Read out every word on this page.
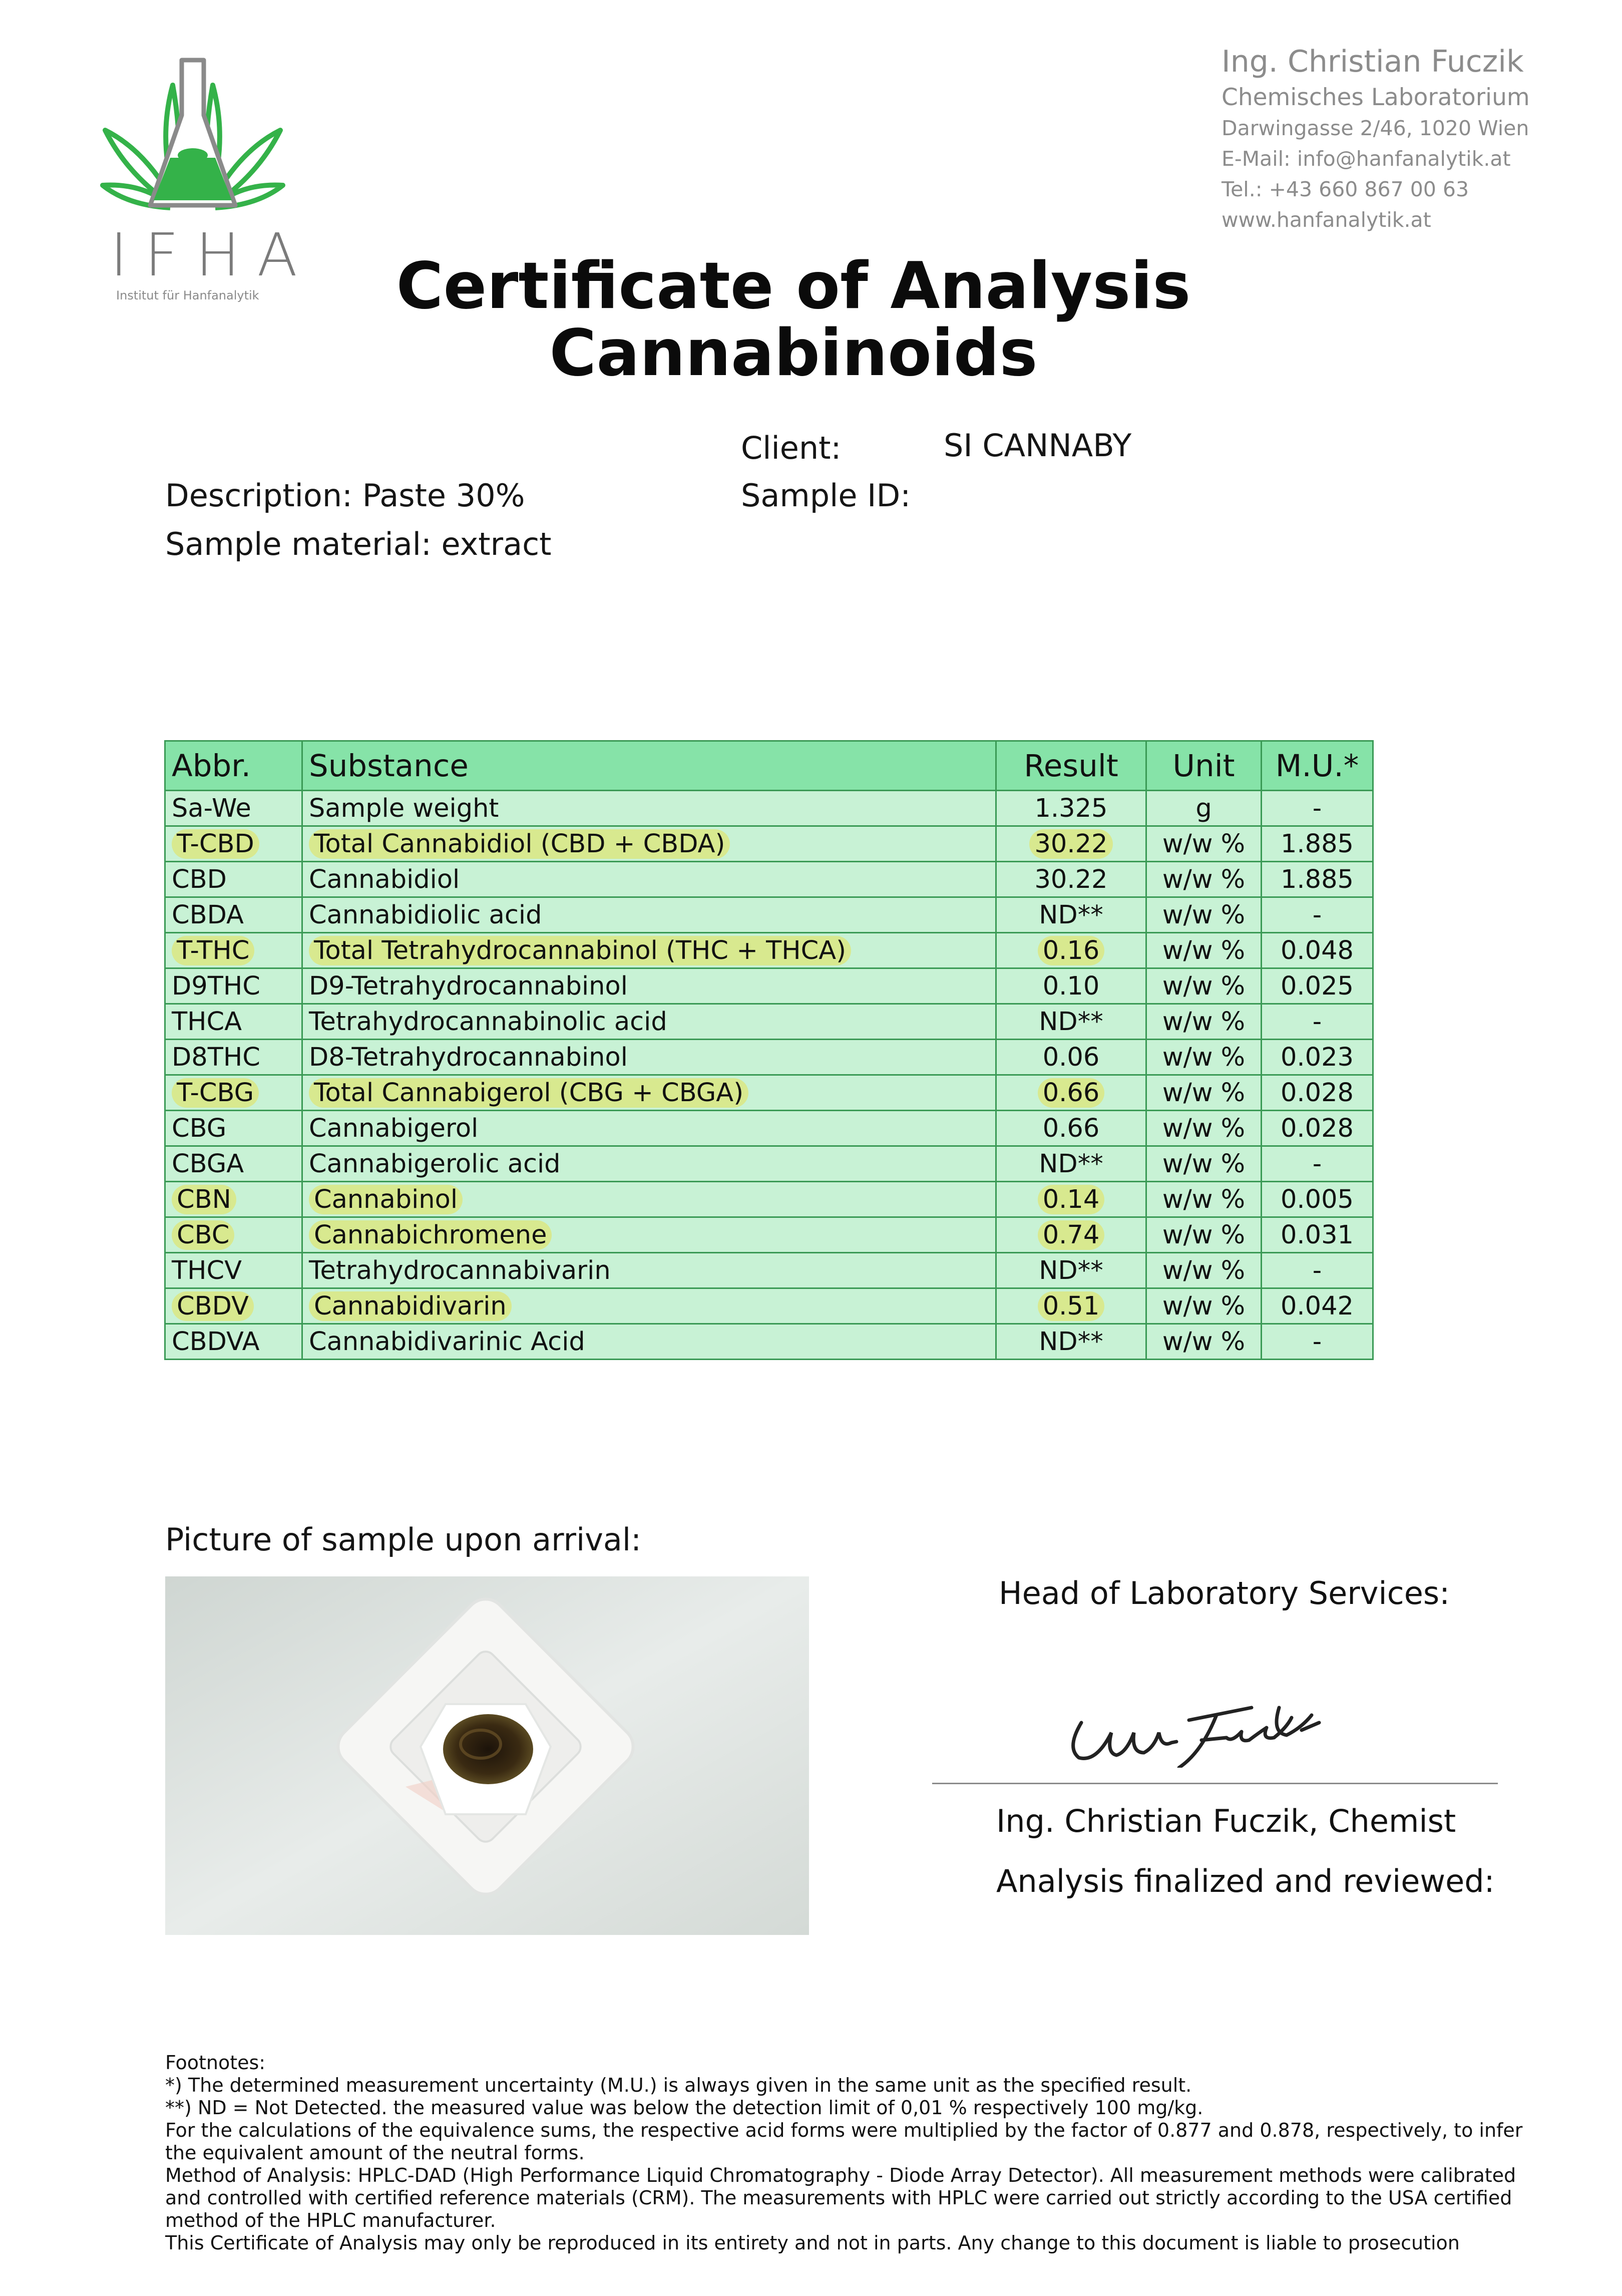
IFHA
Institut für Hanfanalytik
Ing. Christian Fuczik
Chemisches Laboratorium
Darwingasse 2/46, 1020 Wien
E-Mail: info@hanfanalytik.at
Tel.: +43 660 867 00 63
www.hanfanalytik.at
Certificate of Analysis
Cannabinoids
Client:	SI CANNABY
Sample ID:
Description: Paste 30%
Sample material: extract
Abbr.	Substance	Result	Unit	M.U.*
Sa-We	Sample weight	1.325	g	-
T-CBD	Total Cannabidiol (CBD + CBDA)	30.22	w/w %	1.885
CBD	Cannabidiol	30.22	w/w %	1.885
CBDA	Cannabidiolic acid	ND**	w/w %	-
T-THC	Total Tetrahydrocannabinol (THC + THCA)	0.16	w/w %	0.048
D9THC	D9-Tetrahydrocannabinol	0.10	w/w %	0.025
THCA	Tetrahydrocannabinolic acid	ND**	w/w %	-
D8THC	D8-Tetrahydrocannabinol	0.06	w/w %	0.023
T-CBG	Total Cannabigerol (CBG + CBGA)	0.66	w/w %	0.028
CBG	Cannabigerol	0.66	w/w %	0.028
CBGA	Cannabigerolic acid	ND**	w/w %	-
CBN	Cannabinol	0.14	w/w %	0.005
CBC	Cannabichromene	0.74	w/w %	0.031
THCV	Tetrahydrocannabivarin	ND**	w/w %	-
CBDV	Cannabidivarin	0.51	w/w %	0.042
CBDVA	Cannabidivarinic Acid	ND**	w/w %	-
Picture of sample upon arrival:
Head of Laboratory Services:
Ing. Christian Fuczik, Chemist
Analysis finalized and reviewed:

Footnotes:

*) The determined measurement uncertainty (M.U.) is always given in the same unit as the specified result.

**) ND = Not Detected. the measured value was below the detection limit of 0,01 % respectively 100 mg/kg.

For the calculations of the equivalence sums, the respective acid forms were multiplied by the factor of 0.877 and 0.878, respectively, to infer the equivalent amount of the neutral forms.

Method of Analysis: HPLC-DAD (High Performance Liquid Chromatography - Diode Array Detector). All measurement methods were calibrated and controlled with certified reference materials (CRM). The measurements with HPLC were carried out strictly according to the USA certified method of the HPLC manufacturer.

This Certificate of Analysis may only be reproduced in its entirety and not in parts. Any change to this document is liable to prosecution
